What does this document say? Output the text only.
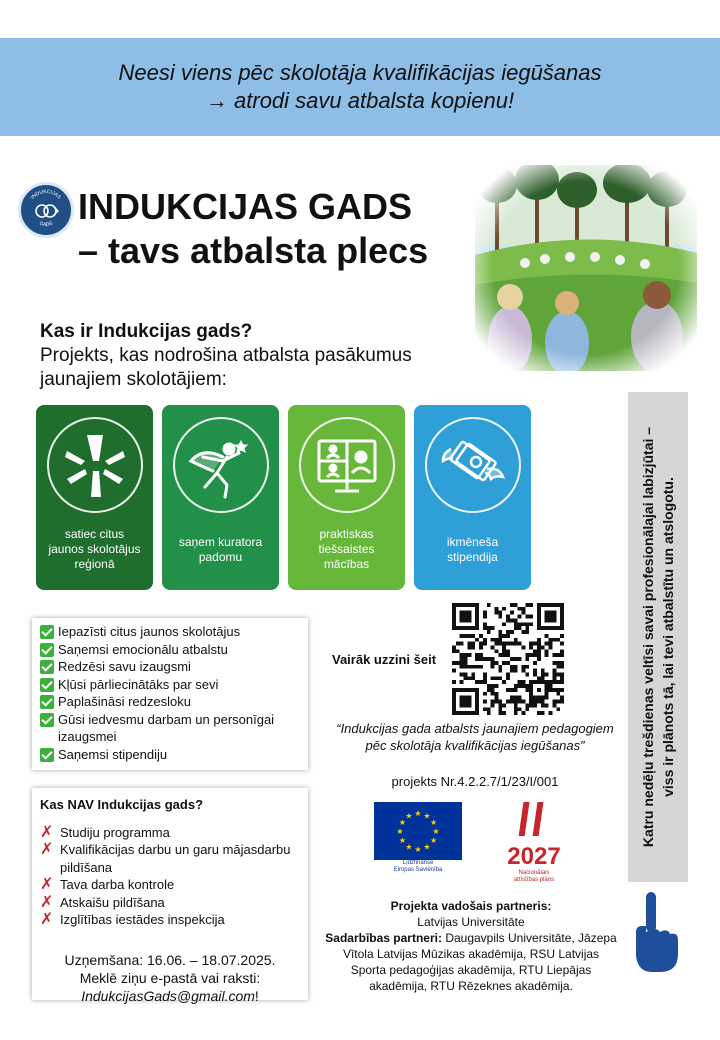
Neesi viens pēc skolotāja kvalifikācijas iegūšanas
→ atrodi savu atbalsta kopienu!
INDUKCIJAS
GADS INDUKCIJAS GADS
– tavs atbalsta plecs
Kas ir Indukcijas gads?
Projekts, kas nodrošina atbalsta pasākumus jaunajiem skolotājiem:
satiec citus jaunos skolotājus reģionā
saņem kuratora padomu
praktiskas tiešsaistes mācības
ikmēneša stipendija
Iepazīsti citus jaunos skolotājus
Saņemsi emocionālu atbalstu
Redzēsi savu izaugsmi
Kļūsi pārliecinātāks par sevi
Paplašināsi redzesloku
Gūsi iedvesmu darbam un personīgai izaugsmei
Saņemsi stipendiju
Kas NAV Indukcijas gads?
✗ Studiju programma
✗ Kvalifikācijas darbu un garu mājasdarbu pildīšana
✗ Tava darba kontrole
✗ Atskaišu pildīšana
✗ Izglītības iestādes inspekcija
Uzņemšana: 16.06. – 18.07.2025.
Meklē ziņu e-pastā vai raksti:
IndukcijasGads@gmail.com!
Vairāk uzzini šeit
“Indukcijas gada atbalsts jaunajiem pedagogiem pēc skolotāja kvalifikācijas iegūšanas”
projekts Nr.4.2.2.7/1/23/I/001
★ ★
★
★
★
★
★
★
★
★
★
★
Līdzfinansē
Eiropas Savienība	2027
Nacionālais
attīstības plāns
Projekta vadošais partneris:
Latvijas Universitāte
Sadarbības partneri: Daugavpils Universitāte, Jāzepa Vītola Latvijas Mūzikas akadēmija, RSU Latvijas Sporta pedagoģijas akadēmija, RTU Liepājas akadēmija, RTU Rēzeknes akadēmija.
Katru nedēļu trešdienas veltīsi savai profesionālajai labizjūtai – viss ir plānots tā, lai tevi atbalstītu un atslogotu.
